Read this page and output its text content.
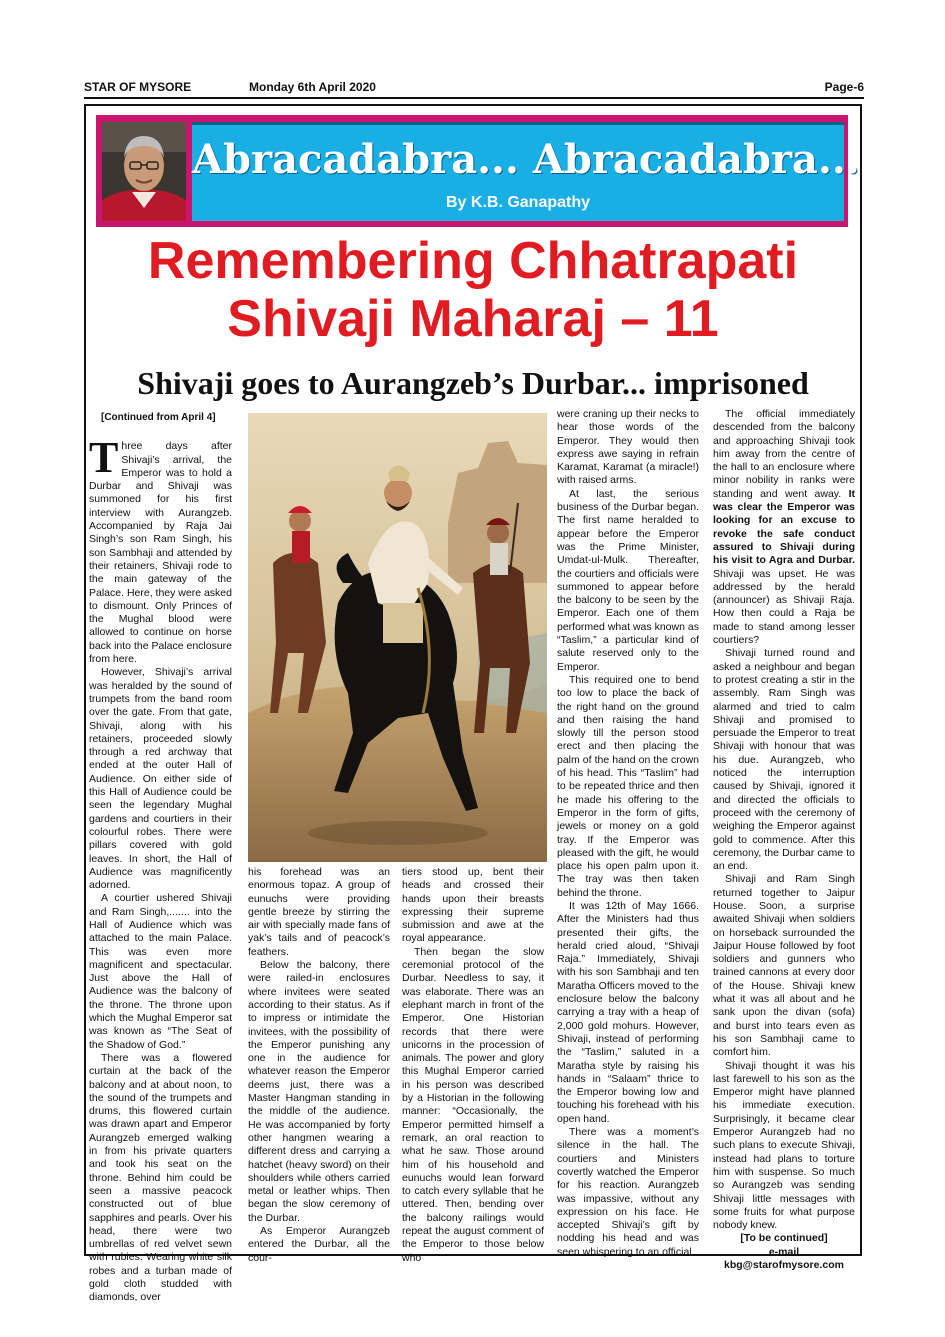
STAR OF MYSORE	Monday 6th April 2020	Page-6
Abracadabra... Abracadabra...
By K.B. Ganapathy
Remembering Chhatrapati
Shivaji Maharaj – 11
Shivaji goes to Aurangzeb’s Durbar... imprisoned

[Continued from April 4]

Three days after Shivaji’s arrival, the Emperor was to hold a Durbar and Shivaji was summoned for his first interview with Aurangzeb. Accompanied by Raja Jai Singh’s son Ram Singh, his son Sambhaji and attended by their retainers, Shivaji rode to the main gateway of the Palace. Here, they were asked to dismount. Only Princes of the Mughal blood were allowed to continue on horse back into the Palace enclosure from here.

However, Shivaji’s arrival was heralded by the sound of trumpets from the band room over the gate. From that gate, Shivaji, along with his retainers, proceeded slowly through a red archway that ended at the outer Hall of Audience. On either side of this Hall of Audience could be seen the legendary Mughal gardens and courtiers in their colourful robes. There were pillars covered with gold leaves. In short, the Hall of Audience was magnificently adorned.

A courtier ushered Shivaji and Ram Singh,....... into the Hall of Audience which was attached to the main Palace. This was even more magnificent and spectacular. Just above the Hall of Audience was the balcony of the throne. The throne upon which the Mughal Emperor sat was known as “The Seat of the Shadow of God.”

There was a flowered curtain at the back of the balcony and at about noon, to the sound of the trumpets and drums, this flowered curtain was drawn apart and Emperor Aurangzeb emerged walking in from his private quarters and took his seat on the throne. Behind him could be seen a massive peacock constructed out of blue sapphires and pearls. Over his head, there were two umbrellas of red velvet sewn with rubies. Wearing white silk robes and a turban made of gold cloth studded with diamonds, over

his forehead was an enormous topaz. A group of eunuchs were providing gentle breeze by stirring the air with specially made fans of yak’s tails and of peacock’s feathers.

Below the balcony, there were railed-in enclosures where invitees were seated according to their status. As if to impress or intimidate the invitees, with the possibility of the Emperor punishing any one in the audience for whatever reason the Emperor deems just, there was a Master Hangman standing in the middle of the audience. He was accompanied by forty other hangmen wearing a different dress and carrying a hatchet (heavy sword) on their shoulders while others carried metal or leather whips. Then began the slow ceremony of the Durbar.

As Emperor Aurangzeb entered the Durbar, all the cour-

tiers stood up, bent their heads and crossed their hands upon their breasts expressing their supreme submission and awe at the royal appearance.

Then began the slow ceremonial protocol of the Durbar. Needless to say, it was elaborate. There was an elephant march in front of the Emperor. One Historian records that there were unicorns in the procession of animals. The power and glory this Mughal Emperor carried in his person was described by a Historian in the following manner: “Occasionally, the Emperor permitted himself a remark, an oral reaction to what he saw. Those around him of his household and eunuchs would lean forward to catch every syllable that he uttered. Then, bending over the balcony railings would repeat the august comment of the Emperor to those below who

were craning up their necks to hear those words of the Emperor. They would then express awe saying in refrain Karamat, Karamat (a miracle!) with raised arms.

At last, the serious business of the Durbar began. The first name heralded to appear before the Emperor was the Prime Minister, Umdat-ul-Mulk. Thereafter, the courtiers and officials were summoned to appear before the balcony to be seen by the Emperor. Each one of them performed what was known as “Taslim,” a particular kind of salute reserved only to the Emperor.

This required one to bend too low to place the back of the right hand on the ground and then raising the hand slowly till the person stood erect and then placing the palm of the hand on the crown of his head. This “Taslim” had to be repeated thrice and then he made his offering to the Emperor in the form of gifts, jewels or money on a gold tray. If the Emperor was pleased with the gift, he would place his open palm upon it. The tray was then taken behind the throne.

It was 12th of May 1666. After the Ministers had thus presented their gifts, the herald cried aloud, “Shivaji Raja.” Immediately, Shivaji with his son Sambhaji and ten Maratha Officers moved to the enclosure below the balcony carrying a tray with a heap of 2,000 gold mohurs. However, Shivaji, instead of performing the “Taslim,” saluted in a Maratha style by raising his hands in “Salaam” thrice to the Emperor bowing low and touching his forehead with his open hand.

There was a moment’s silence in the hall. The courtiers and Ministers covertly watched the Emperor for his reaction. Aurangzeb was impassive, without any expression on his face. He accepted Shivaji’s gift by nodding his head and was seen whispering to an official.

The official immediately descended from the balcony and approaching Shivaji took him away from the centre of the hall to an enclosure where minor nobility in ranks were standing and went away. It was clear the Emperor was looking for an excuse to revoke the safe conduct assured to Shivaji during his visit to Agra and Durbar. Shivaji was upset. He was addressed by the herald (announcer) as Shivaji Raja. How then could a Raja be made to stand among lesser courtiers?

Shivaji turned round and asked a neighbour and began to protest creating a stir in the assembly. Ram Singh was alarmed and tried to calm Shivaji and promised to persuade the Emperor to treat Shivaji with honour that was his due. Aurangzeb, who noticed the interruption caused by Shivaji, ignored it and directed the officials to proceed with the ceremony of weighing the Emperor against gold to commence. After this ceremony, the Durbar came to an end.

Shivaji and Ram Singh returned together to Jaipur House. Soon, a surprise awaited Shivaji when soldiers on horseback surrounded the Jaipur House followed by foot soldiers and gunners who trained cannons at every door of the House. Shivaji knew what it was all about and he sank upon the divan (sofa) and burst into tears even as his son Sambhaji came to comfort him.

Shivaji thought it was his last farewell to his son as the Emperor might have planned his immediate execution. Surprisingly, it became clear Emperor Aurangzeb had no such plans to execute Shivaji, instead had plans to torture him with suspense. So much so Aurangzeb was sending Shivaji little messages with some fruits for what purpose nobody knew.

[To be continued]

e-mail

kbg@starofmysore.com
